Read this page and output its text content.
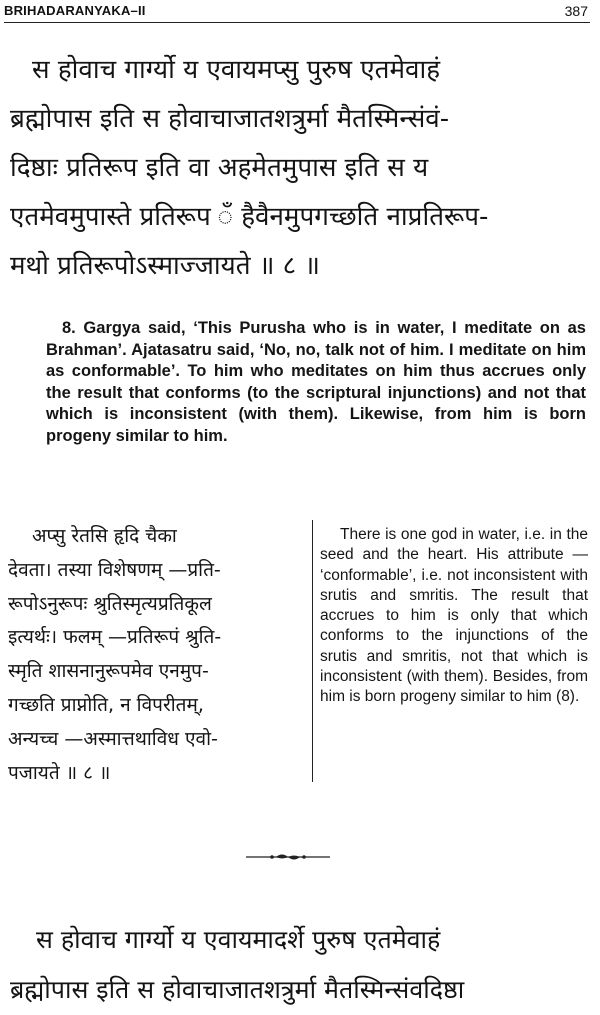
BRIHADARANYAKA–II	387
स होवाच गार्ग्यो य एवायमप्सु पुरुष एतमेवाहं
ब्रह्मोपास इति स होवाचाजातशत्रुर्मा मैतस्मिन्संवं-
दिष्ठाः प्रतिरूप इति वा अहमेतमुपास इति स य
एतमेवमुपास्ते प्रतिरूप ँ हैवैनमुपगच्छति नाप्रतिरूप-
मथो प्रतिरूपोऽस्माज्जायते ॥ ८ ॥

8. Gargya said, ‘This Purusha who is in water, I meditate on as Brahman’. Ajatasatru said, ‘No, no, talk not of him. I meditate on him as conformable’. To him who meditates on him thus accrues only the result that conforms (to the scriptural injunctions) and not that which is inconsistent (with them). Likewise, from him is born progeny similar to him.

अप्सु रेतसि हृदि चैका
देवता। तस्या विशेषणम् —प्रति-
रूपोऽनुरूपः श्रुतिस्मृत्यप्रतिकूल
इत्यर्थः। फलम् —प्रतिरूपं श्रुति-
स्मृति शासनानुरूपमेव एनमुप-
गच्छति प्राप्नोति, न विपरीतम्,
अन्यच्च —अस्मात्तथाविध एवो-
पजायते ॥ ८ ॥

There is one god in water, i.e. in the seed and the heart. His attribute — ‘conformable’, i.e. not inconsistent with srutis and smritis. The result that accrues to him is only that which conforms to the injunctions of the srutis and smritis, not that which is inconsistent (with them). Besides, from him is born progeny similar to him (8).

स होवाच गार्ग्यो य एवायमादर्शे पुरुष एतमेवाहं
ब्रह्मोपास इति स होवाचाजातशत्रुर्मा मैतस्मिन्संवदिष्ठा
